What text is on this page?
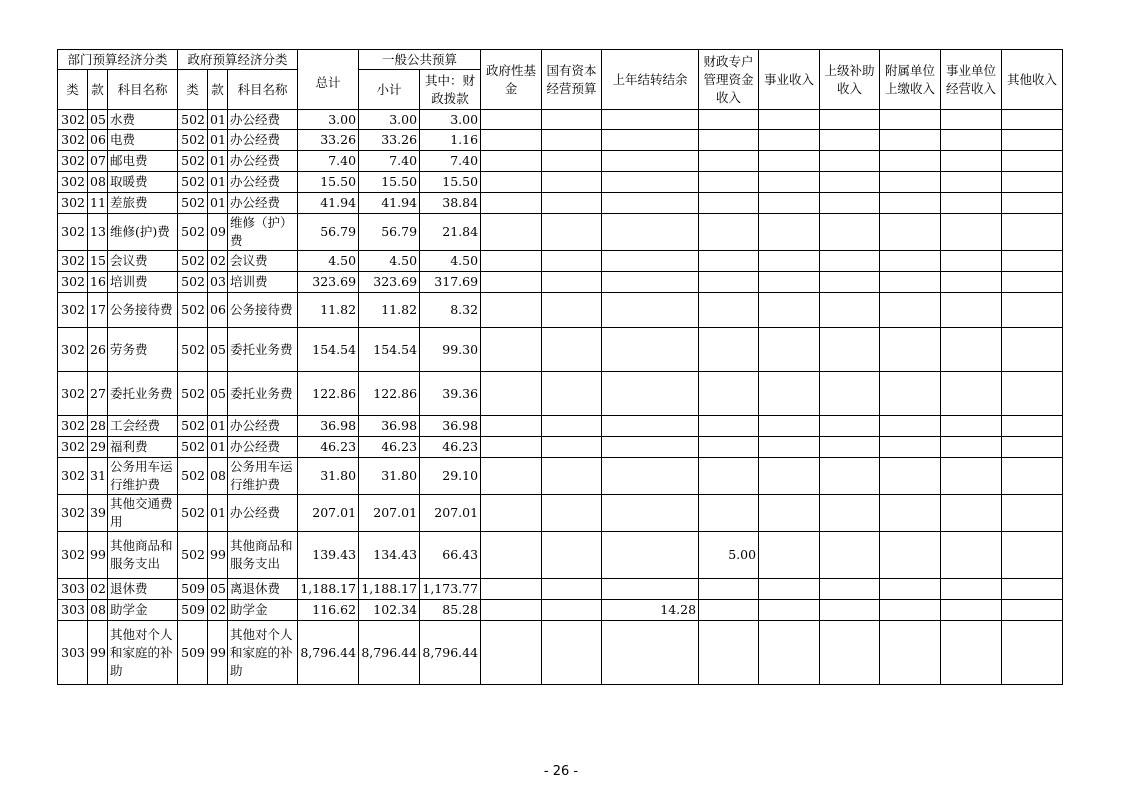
部门预算经济分类			政府预算经济分类			总计	一般公共预算		政府性基金	国有资本经营预算	上年结转结余	财政专户管理资金收入	事业收入	上级补助收入	附属单位上缴收入	事业单位经营收入	其他收入
类	款	科目名称	类	款	科目名称		小计	其中：财政拨款									
302	05	水费	502	01	办公经费	3.00	3.00	3.00									
302	06	电费	502	01	办公经费	33.26	33.26	1.16									
302	07	邮电费	502	01	办公经费	7.40	7.40	7.40									
302	08	取暖费	502	01	办公经费	15.50	15.50	15.50									
302	11	差旅费	502	01	办公经费	41.94	41.94	38.84									
302	13	维修(护)费	502	09	维修（护）费	56.79	56.79	21.84									
302	15	会议费	502	02	会议费	4.50	4.50	4.50									
302	16	培训费	502	03	培训费	323.69	323.69	317.69									
302	17	公务接待费	502	06	公务接待费	11.82	11.82	8.32									
302	26	劳务费	502	05	委托业务费	154.54	154.54	99.30									
302	27	委托业务费	502	05	委托业务费	122.86	122.86	39.36									
302	28	工会经费	502	01	办公经费	36.98	36.98	36.98									
302	29	福利费	502	01	办公经费	46.23	46.23	46.23									
302	31	公务用车运行维护费	502	08	公务用车运行维护费	31.80	31.80	29.10									
302	39	其他交通费用	502	01	办公经费	207.01	207.01	207.01									
302	99	其他商品和服务支出	502	99	其他商品和服务支出	139.43	134.43	66.43				5.00					
303	02	退休费	509	05	离退休费	1,188.17	1,188.17	1,173.77									
303	08	助学金	509	02	助学金	116.62	102.34	85.28			14.28						
303	99	其他对个人和家庭的补助	509	99	其他对个人和家庭的补助	8,796.44	8,796.44	8,796.44									
- 26 -
